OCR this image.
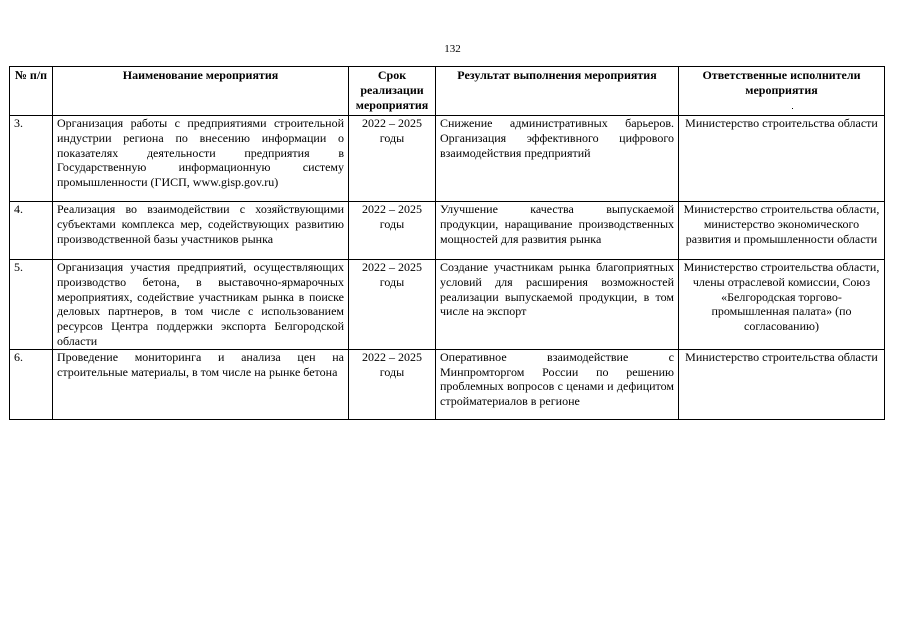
132
№ п/п	Наименование мероприятия	Срок реализации мероприятия	Результат выполнения мероприятия	Ответственные исполнители мероприятия
3.	Организация работы с предприятиями строительной индустрии региона по внесению информации о показателях деятельности предприятия в Государственную информационную систему промышленности (ГИСП, www.gisp.gov.ru)	2022 – 2025 годы	Снижение административных барьеров. Организация эффективного цифрового взаимодействия предприятий	Министерство строительства области
4.	Реализация во взаимодействии с хозяйствующими субъектами комплекса мер, содействующих развитию производственной базы участников рынка	2022 – 2025 годы	Улучшение качества выпускаемой продукции, наращивание производственных мощностей для развития рынка	Министерство строительства области, министерство экономического развития и промышленности области
5.	Организация участия предприятий, осуществляющих производство бетона, в выставочно-ярмарочных мероприятиях, содействие участникам рынка в поиске деловых партнеров, в том числе с использованием ресурсов Центра поддержки экспорта Белгородской области	2022 – 2025 годы	Создание участникам рынка благоприятных условий для расширения возможностей реализации выпускаемой продукции, в том числе на экспорт	Министерство строительства области, члены отраслевой комиссии, Союз «Белгородская торгово-промышленная палата» (по согласованию)
6.	Проведение мониторинга и анализа цен на строительные материалы, в том числе на рынке бетона	2022 – 2025 годы	Оперативное взаимодействие с Минпромторгом России по решению проблемных вопросов с ценами и дефицитом стройматериалов в регионе	Министерство строительства области
